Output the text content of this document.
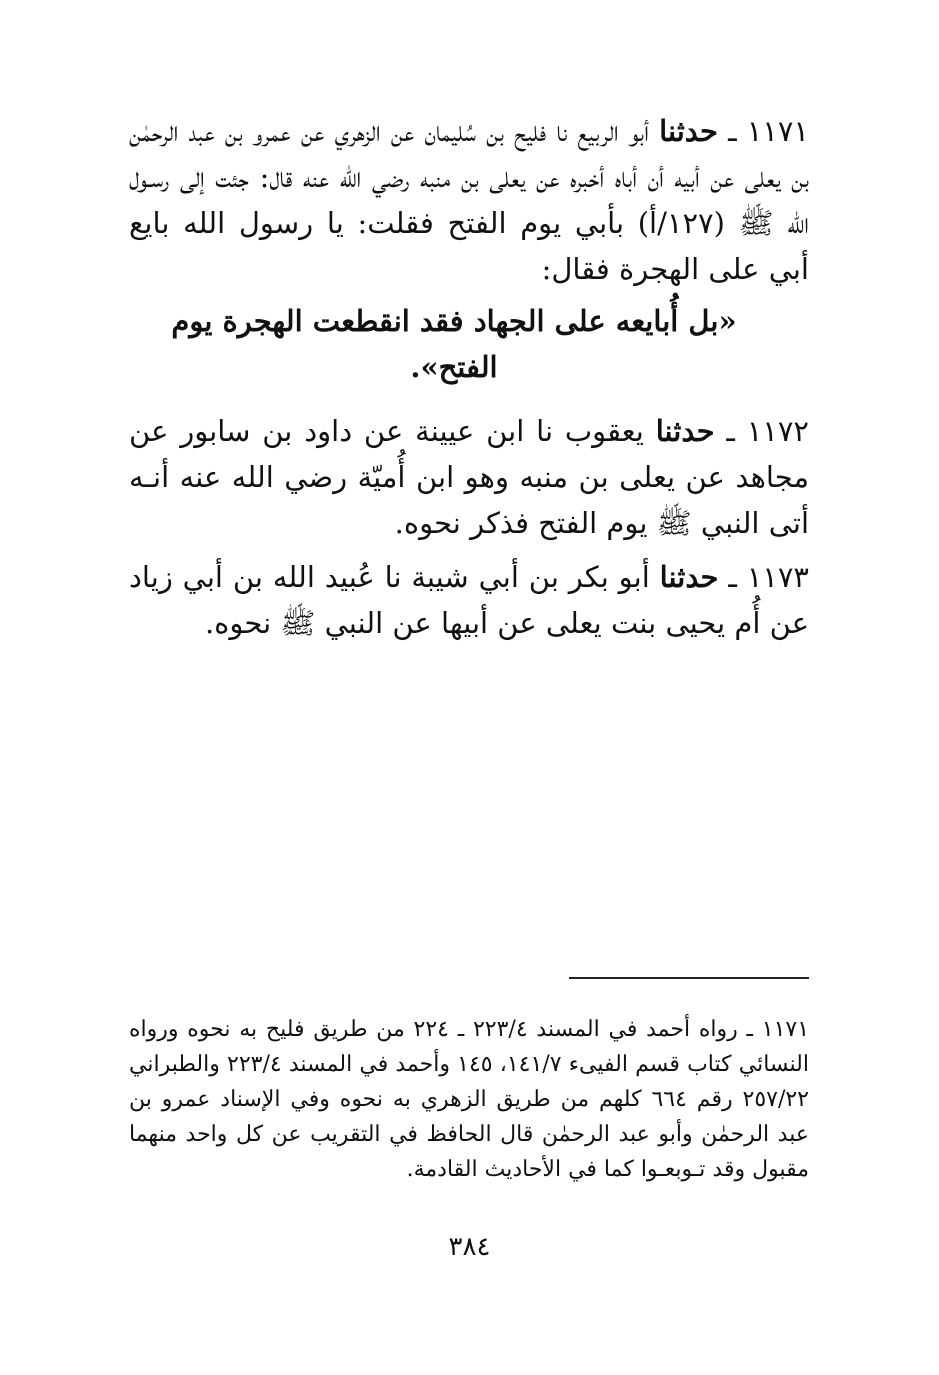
١١٧١ ـ حدثنا أبو الربيع نا فليح بن سُليمان عن الزهري عن عمرو بن عبد الرحمٰن بن يعلى عن أبيه أن أباه أخبره عن يعلى بن منبه رضي الله عنه قال: جئت إلى رسـول الله ﷺ (١٢٧/أ) بأبي يوم الفتح فقلت: يا رسول الله بايع أبي على الهجرة فقال:

«بل أُبايعه على الجهاد فقد انقطعت الهجرة يوم الفتح».

١١٧٢ ـ حدثنا يعقوب نا ابن عيينة عن داود بن سابور عن مجاهد عن يعلى بن منبه وهو ابن أُميّة رضي الله عنه أنـه أتى النبي ﷺ يوم الفتح فذكر نحوه.

١١٧٣ ـ حدثنا أبو بكر بن أبي شيبة نا عُبيد الله بن أبي زياد عن أُم يحيى بنت يعلى عن أبيها عن النبي ﷺ نحوه.

١١٧١ ـ رواه أحمد في المسند ٢٢٣/٤ ـ ٢٢٤ من طريق فليح به نحوه ورواه النسائي كتاب قسم الفيىء ١٤١/٧، ١٤٥ وأحمد في المسند ٢٢٣/٤ والطبراني ٢٥٧/٢٢ رقم ٦٦٤ كلهم من طريق الزهري به نحوه وفي الإسناد عمرو بن عبد الرحمٰن وأبو عبد الرحمٰن قال الحافظ في التقريب عن كل واحد منهما مقبول وقد تـوبعـوا كما في الأحاديث القادمة.

٣٨٤
